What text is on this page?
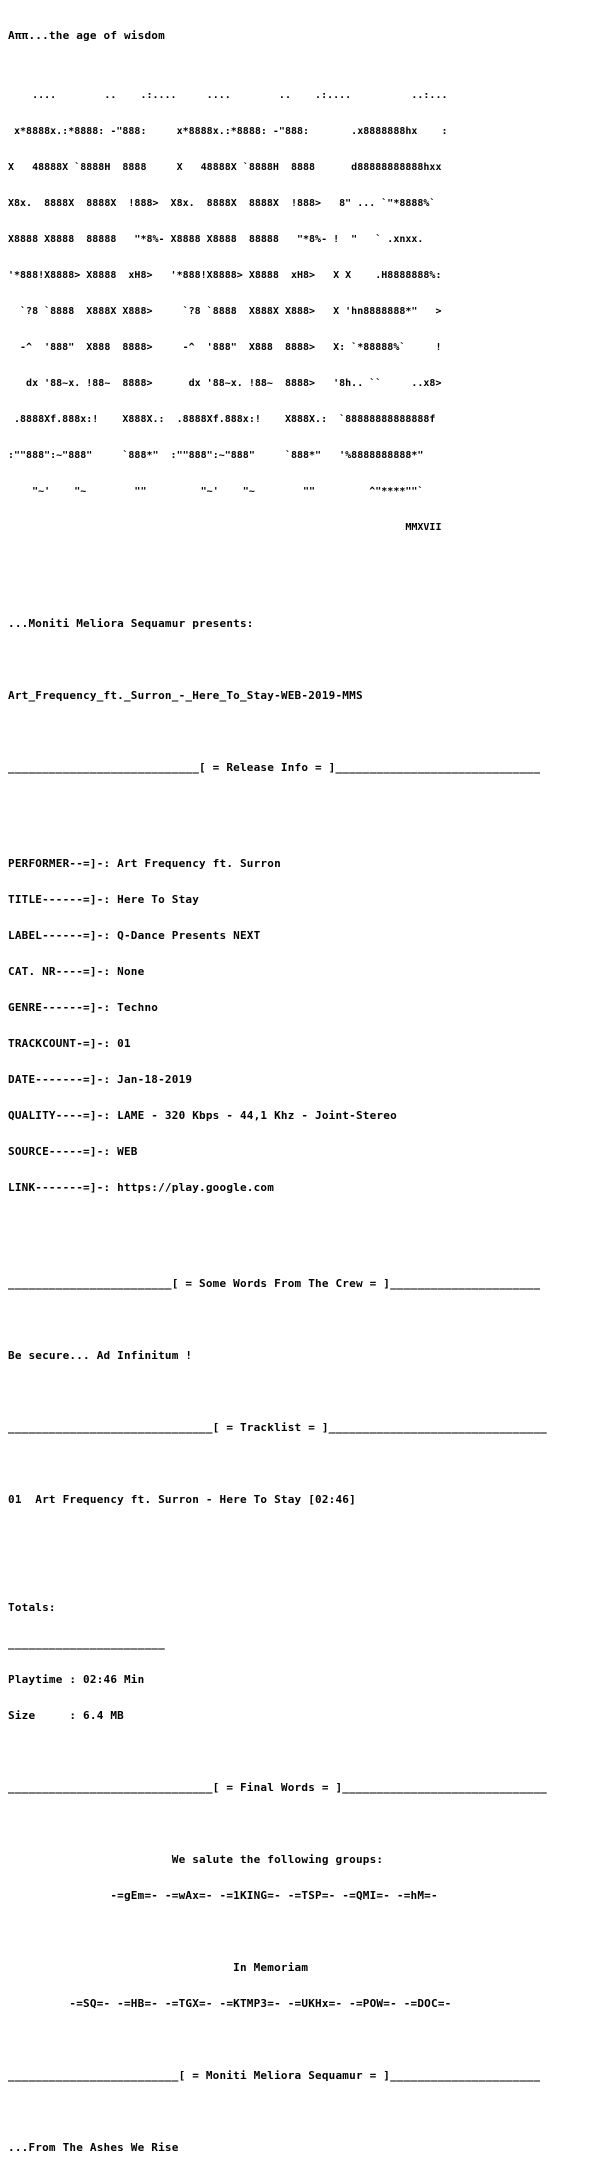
Αππ...the age of wisdom

....        ..    .:....     ....        ..    .:....          ..:...

x*8888x.:*8888: -"888:     x*8888x.:*8888: -"888:       .x8888888hx    :

X   48888X `8888H  8888     X   48888X `8888H  8888      d88888888888hxx

X8x.  8888X  8888X  !888>  X8x.  8888X  8888X  !888>   8" ... `"*8888%`

X8888 X8888  88888   "*8%- X8888 X8888  88888   "*8%- !  "   ` .xnxx.

'*888!X8888> X8888  xH8>   '*888!X8888> X8888  xH8>   X X    .H8888888%:

`?8 `8888  X888X X888>     `?8 `8888  X888X X888>   X 'hn8888888*"   >

-^  '888"  X888  8888>     -^  '888"  X888  8888>   X: `*88888%`     !

dx '88~x. !88~  8888>      dx '88~x. !88~  8888>   '8h.. ``     ..x8>

.8888Xf.888x:!    X888X.:  .8888Xf.888x:!    X888X.:  `88888888888888f

:""888":~"888"     `888*"  :""888":~"888"     `888*"   '%8888888888*"

"~'    "~        ""         "~'    "~        ""         ^"****""`

MMXVII

...Moniti Meliora Sequamur presents:

Art_Frequency_ft._Surron_-_Here_To_Stay-WEB-2019-MMS

____________________________[ = Release Info = ]______________________________

PERFORMER--=]-: Art Frequency ft. Surron

TITLE------=]-: Here To Stay

LABEL------=]-: Q-Dance Presents NEXT

CAT. NR----=]-: None

GENRE------=]-: Techno

TRACKCOUNT-=]-: 01

DATE-------=]-: Jan-18-2019

QUALITY----=]-: LAME - 320 Kbps - 44,1 Khz - Joint-Stereo

SOURCE-----=]-: WEB

LINK-------=]-: https://play.google.com

________________________[ = Some Words From The Crew = ]______________________

Be secure... Ad Infinitum !

______________________________[ = Tracklist = ]________________________________

01  Art Frequency ft. Surron - Here To Stay [02:46]

Totals:

_______________________

Playtime : 02:46 Min

Size     : 6.4 MB

______________________________[ = Final Words = ]______________________________

We salute the following groups:

-=gEm=- -=wAx=- -=1KING=- -=TSP=- -=QMI=- -=hM=-

In Memoriam

-=SQ=- -=HB=- -=TGX=- -=KTMP3=- -=UKHx=- -=POW=- -=DOC=-

_________________________[ = Moniti Meliora Sequamur = ]______________________

...From The Ashes We Rise
